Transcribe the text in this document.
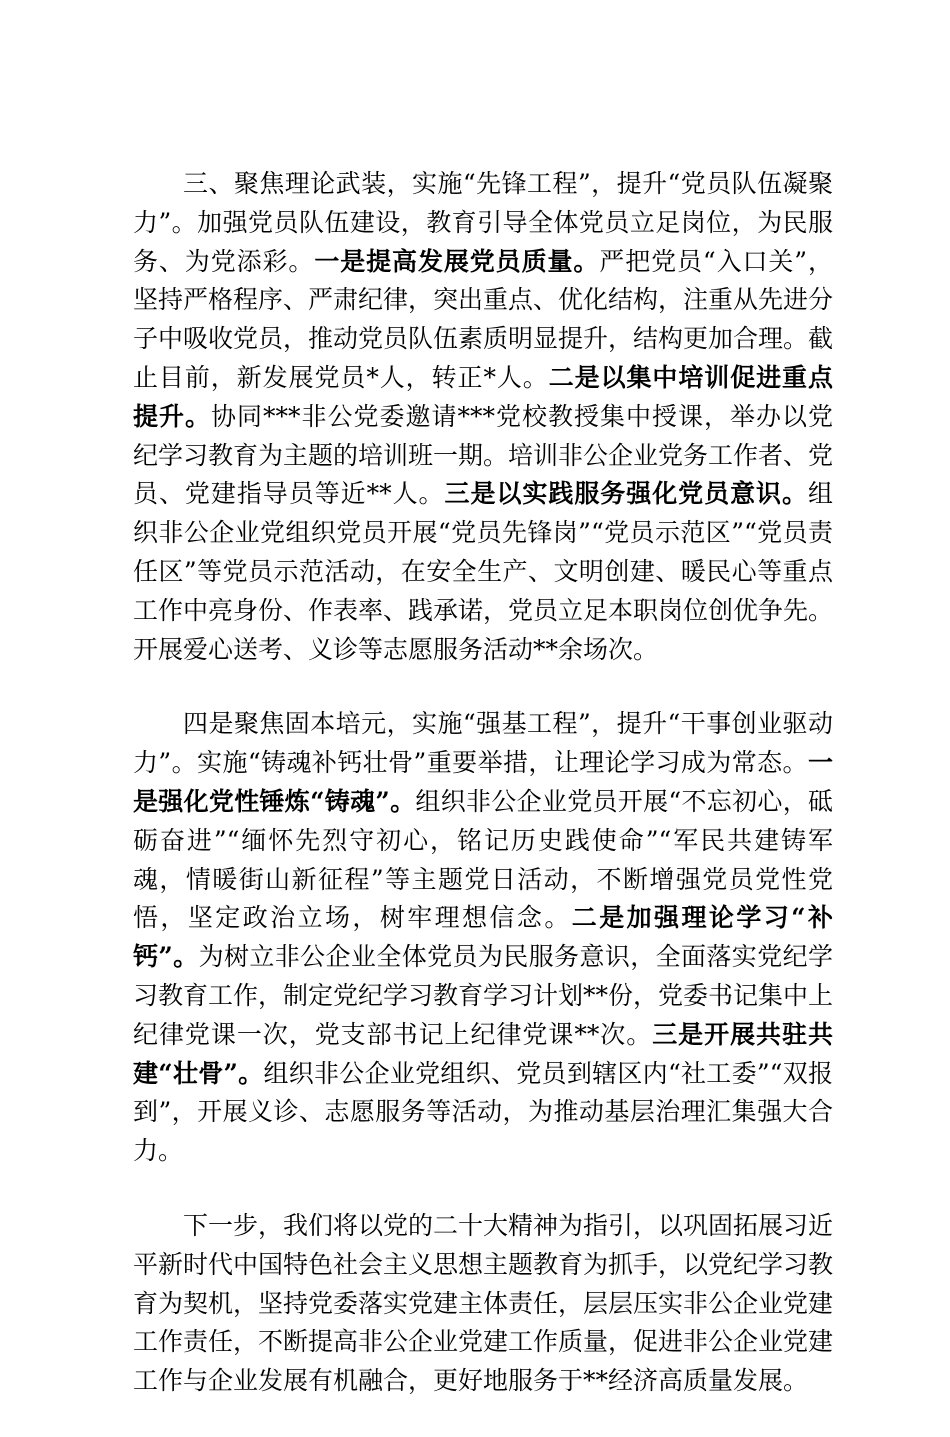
三、聚焦理论武装，实施“先锋工程”，提升“党员队伍凝聚力”。加强党员队伍建设，教育引导全体党员立足岗位，为民服务、为党添彩。一是提高发展党员质量。严把党员“入口关”，坚持严格程序、严肃纪律，突出重点、优化结构，注重从先进分子中吸收党员，推动党员队伍素质明显提升，结构更加合理。截止目前，新发展党员*人，转正*人。二是以集中培训促进重点提升。协同***非公党委邀请***党校教授集中授课，举办以党纪学习教育为主题的培训班一期。培训非公企业党务工作者、党员、党建指导员等近**人。三是以实践服务强化党员意识。组织非公企业党组织党员开展“党员先锋岗”“党员示范区”“党员责任区”等党员示范活动，在安全生产、文明创建、暖民心等重点工作中亮身份、作表率、践承诺，党员立足本职岗位创优争先。开展爱心送考、义诊等志愿服务活动**余场次。

四是聚焦固本培元，实施“强基工程”，提升“干事创业驱动力”。实施“铸魂补钙壮骨”重要举措，让理论学习成为常态。一是强化党性锤炼“铸魂”。组织非公企业党员开展“不忘初心，砥砺奋进”“缅怀先烈守初心，铭记历史践使命”“军民共建铸军魂，情暖街山新征程”等主题党日活动，不断增强党员党性党悟，坚定政治立场，树牢理想信念。二是加强理论学习“补钙”。为树立非公企业全体党员为民服务意识，全面落实党纪学习教育工作，制定党纪学习教育学习计划**份，党委书记集中上纪律党课一次，党支部书记上纪律党课**次。三是开展共驻共建“壮骨”。组织非公企业党组织、党员到辖区内“社工委”“双报到”，开展义诊、志愿服务等活动，为推动基层治理汇集强大合力。

下一步，我们将以党的二十大精神为指引，以巩固拓展习近平新时代中国特色社会主义思想主题教育为抓手，以党纪学习教育为契机，坚持党委落实党建主体责任，层层压实非公企业党建工作责任，不断提高非公企业党建工作质量，促进非公企业党建工作与企业发展有机融合，更好地服务于**经济高质量发展。
